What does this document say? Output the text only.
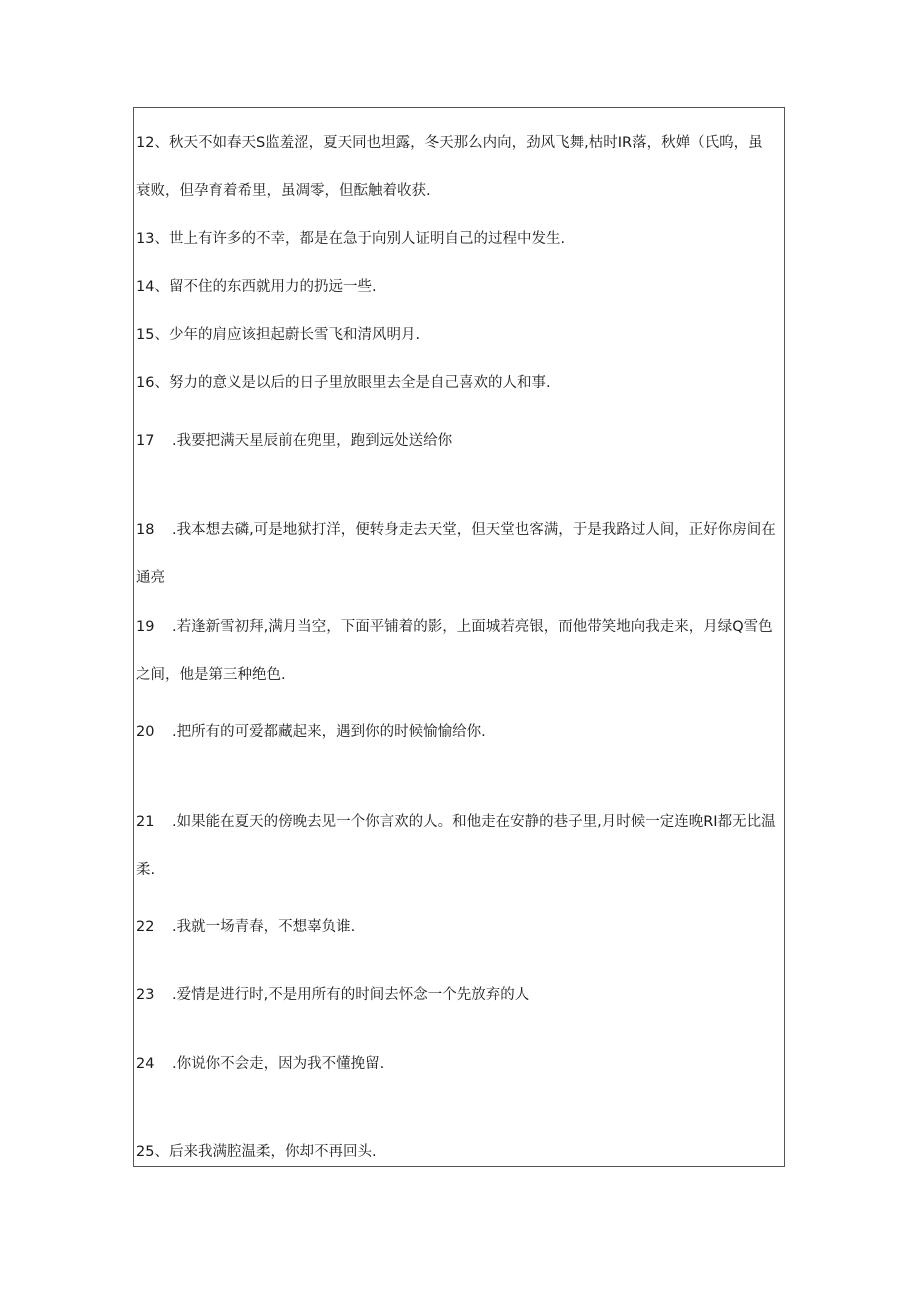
12、秋天不如春天S监羞涩，夏天同也坦露，冬天那么内向，劲风飞舞,枯时IR落，秋婵（氏呜，虽
衰败，但孕育着希里，虽凋零，但酝触着收获.
13、世上有许多的不幸，都是在急于向别人证明自己的过程中发生.
14、留不住的东西就用力的扔远一些.
15、少年的肩应该担起蔚长雪飞和清风明月.
16、努力的意义是以后的日子里放眼里去全是自己喜欢的人和事.
17 .我要把满天星辰前在兜里，跑到远处送给你
18 .我本想去磷,可是地狱打洋，便转身走去天堂，但天堂也客满，于是我路过人间，正好你房间在
通亮
19 .若逢新雪初拜,满月当空，下面平铺着的影，上面城若亮银，而他带笑地向我走来，月绿Q雪色
之间，他是第三种绝色.
20 .把所有的可爱都藏起来，遇到你的时候愉愉给你.
21 .如果能在夏天的傍晚去见一个你言欢的人。和他走在安静的巷子里,月时候一定连晚RI都无比温
柔.
22 .我就一场青春，不想辜负谁.
23 .爱情是进行时,不是用所有的时间去怀念一个先放弃的人
24 .你说你不会走，因为我不懂挽留.
25、后来我满腔温柔，你却不再回头.
